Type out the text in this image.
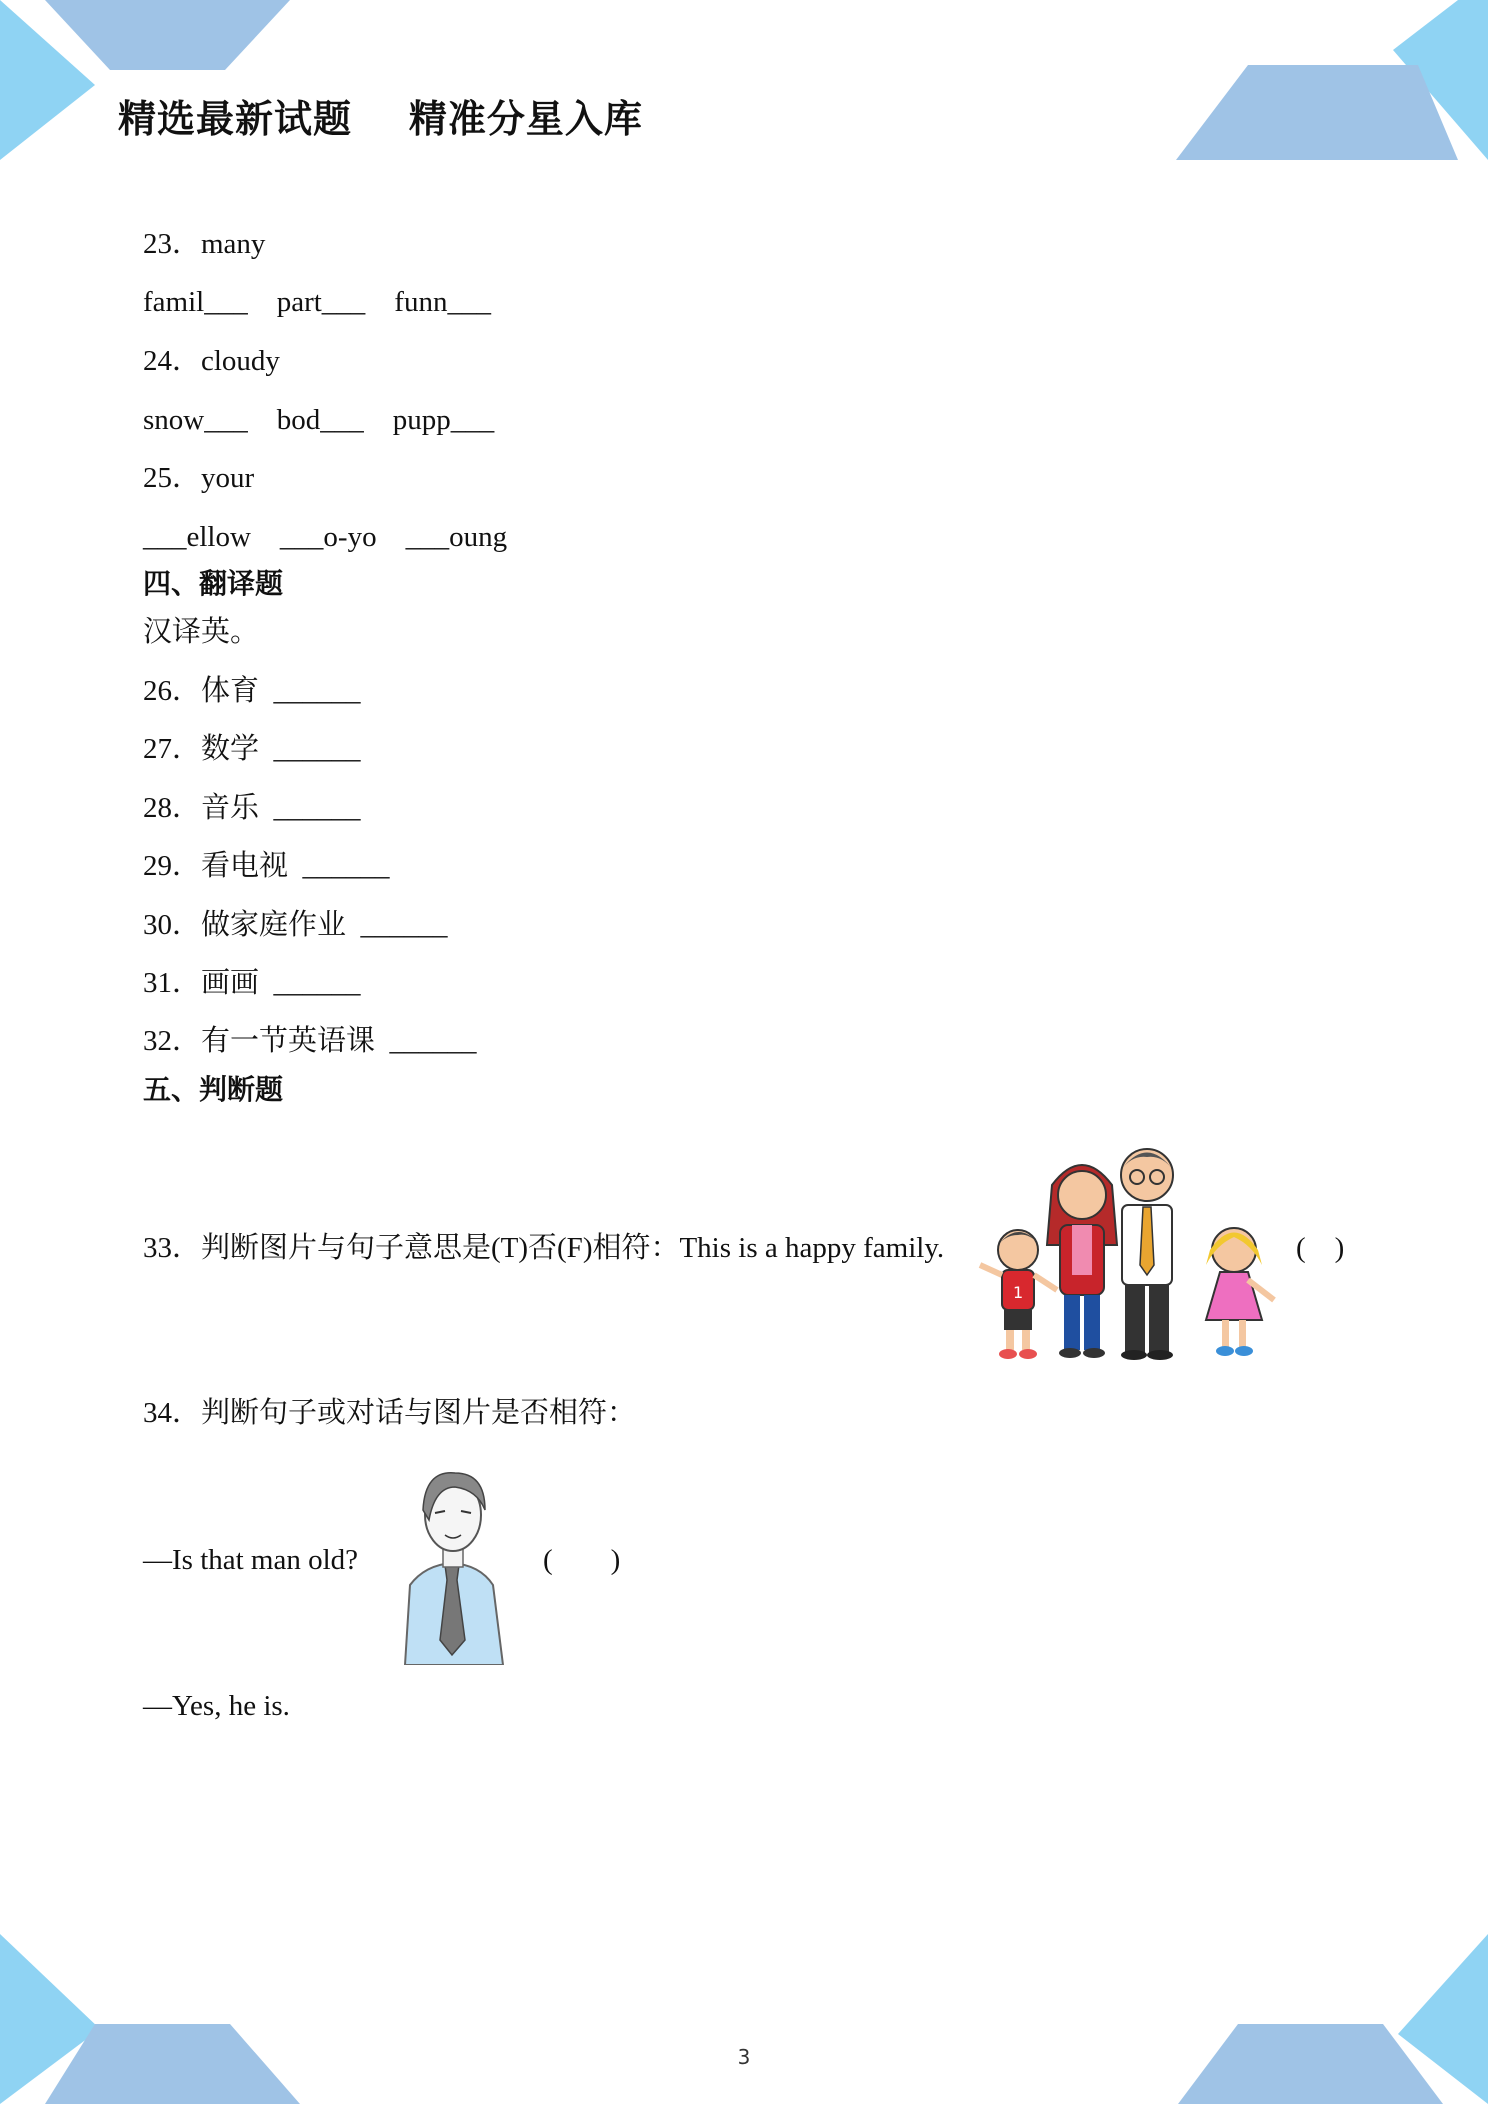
精选最新试题    精准分星入库
23．many
famil___    part___    funn___
24．cloudy
snow___    bod___    pupp___
25．your
___ellow    ___o-yo    ___oung
四、翻译题
汉译英。
26．体育 ______
27．数学 ______
28．音乐 ______
29．看电视 ______
30．做家庭作业 ______
31．画画 ______
32．有一节英语课 ______
五、判断题
33．判断图片与句子意思是(T)否(F)相符：This is a happy family.	(    )
34．判断句子或对话与图片是否相符：
—Is that man old?	(        )
—Yes, he is.
1
3
